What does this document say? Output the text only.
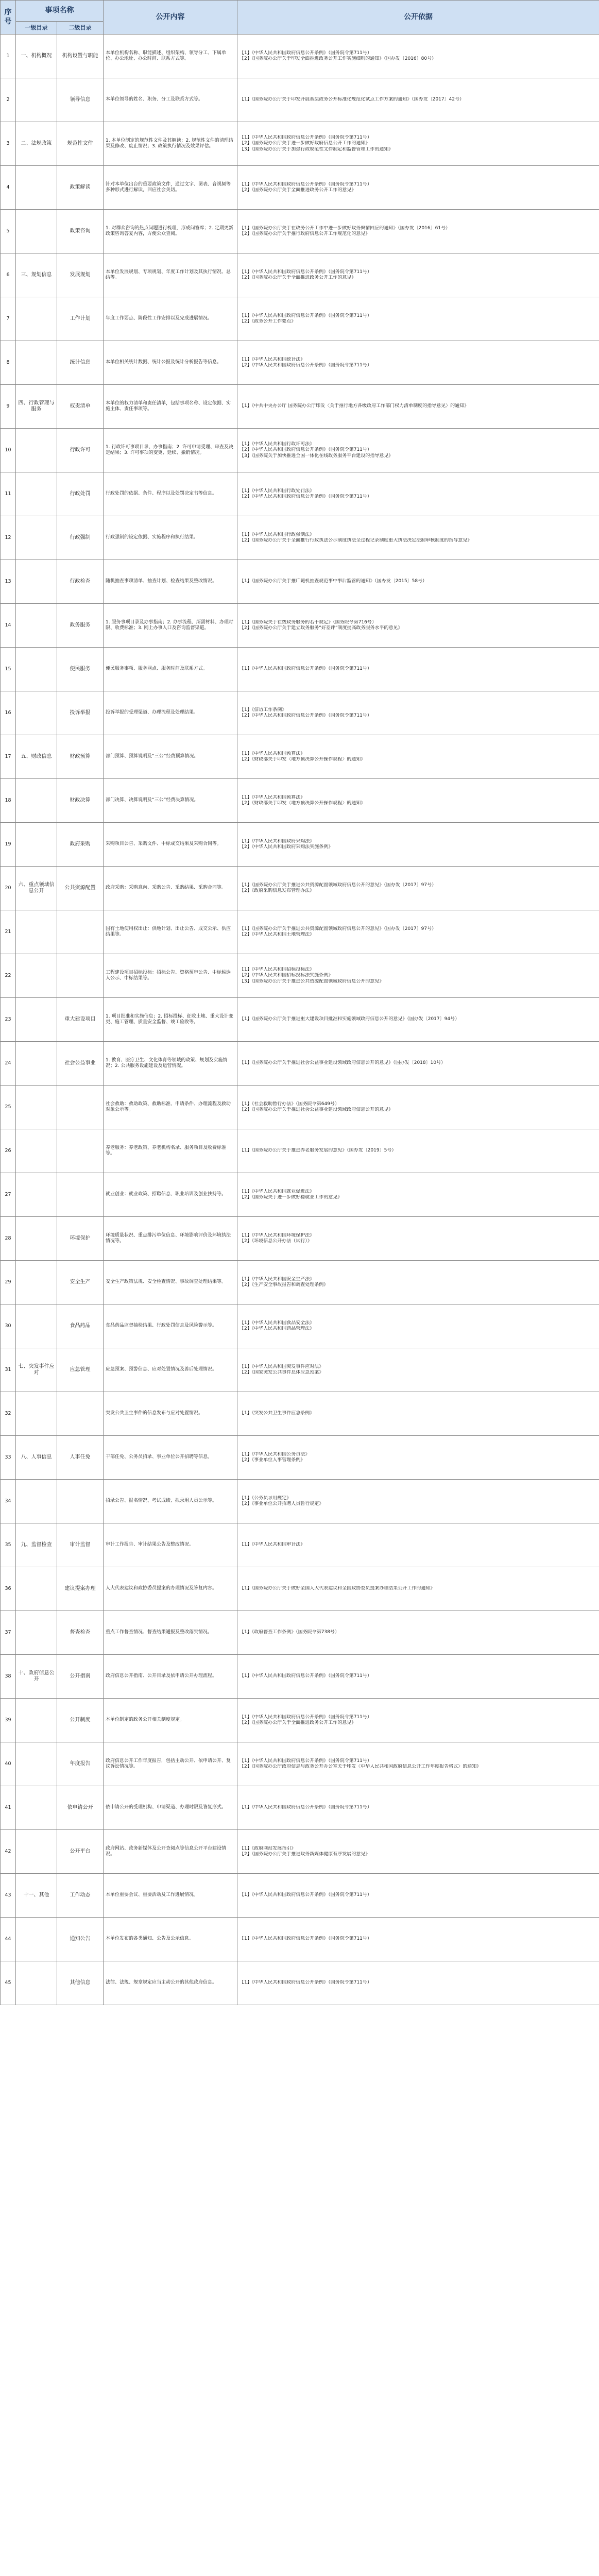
序号	事项名称		公开内容	公开依据
	一级目录	二级目录		
1	一、机构概况	机构设置与职能	本单位机构名称、职能描述、组织架构、领导分工、下属单位、办公地址、办公时间、联系方式等。	【1】《中华人民共和国政府信息公开条例》（国务院令第711号）
【2】《国务院办公厅关于印发全面推进政务公开工作实施细则的通知》（国办发〔2016〕80号）

2		领导信息	本单位领导的姓名、职务、分工及联系方式等。	【1】《国务院办公厅关于印发开展基层政务公开标准化规范化试点工作方案的通知》（国办发〔2017〕42号）

3	二、法规政策	规范性文件	1. 本单位制定的规范性文件及其解读；2. 规范性文件的清理结果及修改、废止情况；3. 政策执行情况及效果评估。	【1】《中华人民共和国政府信息公开条例》（国务院令第711号）
【2】《国务院办公厅关于进一步做好政府信息公开工作的通知》
【3】《国务院办公厅关于加强行政规范性文件制定和监督管理工作的通知》

4		政策解读	针对本单位出台的重要政策文件，通过文字、图表、音视频等多种形式进行解读，回应社会关切。	【1】《中华人民共和国政府信息公开条例》（国务院令第711号）
【2】《国务院办公厅关于全面推进政务公开工作的意见》

5		政策咨询	1. 对群众咨询的热点问题进行梳理，形成问答库；2. 定期更新政策咨询答复内容，方便公众查阅。	【1】《国务院办公厅关于在政务公开工作中进一步做好政务舆情回应的通知》（国办发〔2016〕61号）
【2】《国务院办公厅关于推行政府信息公开工作规范化的意见》

6	三、规划信息	发展规划	本单位发展规划、专项规划、年度工作计划及其执行情况、总结等。	【1】《中华人民共和国政府信息公开条例》（国务院令第711号）
【2】《国务院办公厅关于全面推进政务公开工作的意见》

7		工作计划	年度工作要点、阶段性工作安排以及完成进展情况。	【1】《中华人民共和国政府信息公开条例》（国务院令第711号）
【2】《政务公开工作要点》

8		统计信息	本单位相关统计数据、统计公报及统计分析报告等信息。	【1】《中华人民共和国统计法》
【2】《中华人民共和国政府信息公开条例》（国务院令第711号）

9	四、行政管理与服务	权责清单	本单位的权力清单和责任清单，包括事项名称、设定依据、实施主体、责任事项等。	【1】《中共中央办公厅 国务院办公厅印发〈关于推行地方各级政府工作部门权力清单制度的指导意见〉的通知》

10		行政许可	1. 行政许可事项目录、办事指南；2. 许可申请受理、审查及决定结果；3. 许可事项的变更、延续、撤销情况。	【1】《中华人民共和国行政许可法》
【2】《中华人民共和国政府信息公开条例》（国务院令第711号）
【3】《国务院关于加快推进全国一体化在线政务服务平台建设的指导意见》

11		行政处罚	行政处罚的依据、条件、程序以及处罚决定书等信息。	【1】《中华人民共和国行政处罚法》
【2】《中华人民共和国政府信息公开条例》（国务院令第711号）

12		行政强制	行政强制的设定依据、实施程序和执行结果。	【1】《中华人民共和国行政强制法》
【2】《国务院办公厅关于全面推行行政执法公示制度执法全过程记录制度重大执法决定法制审核制度的指导意见》

13		行政检查	随机抽查事项清单、抽查计划、检查结果及整改情况。	【1】《国务院办公厅关于推广随机抽查规范事中事后监管的通知》（国办发〔2015〕58号）

14		政务服务	1. 服务事项目录及办事指南；2. 办事流程、所需材料、办理时限、收费标准；3. 网上办事入口及咨询监督渠道。	【1】《国务院关于在线政务服务的若干规定》（国务院令第716号）
【2】《国务院办公厅关于建立政务服务“好差评”制度提高政务服务水平的意见》

15		便民服务	便民服务事项、服务网点、服务时间及联系方式。	【1】《中华人民共和国政府信息公开条例》（国务院令第711号）

16		投诉举报	投诉举报的受理渠道、办理流程及处理结果。	【1】《信访工作条例》
【2】《中华人民共和国政府信息公开条例》（国务院令第711号）

17	五、财政信息	财政预算	部门预算、预算说明及“三公”经费预算情况。	【1】《中华人民共和国预算法》
【2】《财政部关于印发〈地方预决算公开操作规程〉的通知》

18		财政决算	部门决算、决算说明及“三公”经费决算情况。	【1】《中华人民共和国预算法》
【2】《财政部关于印发〈地方预决算公开操作规程〉的通知》

19		政府采购	采购项目公告、采购文件、中标成交结果及采购合同等。	【1】《中华人民共和国政府采购法》
【2】《中华人民共和国政府采购法实施条例》

20	六、重点领域信息公开	公共资源配置	政府采购：采购意向、采购公告、采购结果、采购合同等。	【1】《国务院办公厅关于推进公共资源配置领域政府信息公开的意见》（国办发〔2017〕97号）
【2】《政府采购信息发布管理办法》

21			国有土地使用权出让：供地计划、出让公告、成交公示、供应结果等。	【1】《国务院办公厅关于推进公共资源配置领域政府信息公开的意见》（国办发〔2017〕97号）
【2】《中华人民共和国土地管理法》

22			工程建设项目招标投标：招标公告、资格预审公告、中标候选人公示、中标结果等。	【1】《中华人民共和国招标投标法》
【2】《中华人民共和国招标投标法实施条例》
【3】《国务院办公厅关于推进公共资源配置领域政府信息公开的意见》

23		重大建设项目	1. 项目批准和实施信息；2. 招标投标、征收土地、重大设计变更、施工管理、质量安全监督、竣工验收等。	【1】《国务院办公厅关于推进重大建设项目批准和实施领域政府信息公开的意见》（国办发〔2017〕94号）

24		社会公益事业	1. 教育、医疗卫生、文化体育等领域的政策、规划及实施情况；2. 公共服务设施建设及运营情况。	【1】《国务院办公厅关于推进社会公益事业建设领域政府信息公开的意见》（国办发〔2018〕10号）

25			社会救助：救助政策、救助标准、申请条件、办理流程及救助对象公示等。	【1】《社会救助暂行办法》（国务院令第649号）
【2】《国务院办公厅关于推进社会公益事业建设领域政府信息公开的意见》

26			养老服务：养老政策、养老机构名录、服务项目及收费标准等。	【1】《国务院办公厅关于推进养老服务发展的意见》（国办发〔2019〕5号）

27			就业创业：就业政策、招聘信息、职业培训及创业扶持等。	【1】《中华人民共和国就业促进法》
【2】《国务院关于进一步做好稳就业工作的意见》

28		环境保护	环境质量状况、重点排污单位信息、环境影响评价及环境执法情况等。	【1】《中华人民共和国环境保护法》
【2】《环境信息公开办法（试行）》

29		安全生产	安全生产政策法规、安全检查情况、事故调查处理结果等。	【1】《中华人民共和国安全生产法》
【2】《生产安全事故报告和调查处理条例》

30		食品药品	食品药品监督抽检结果、行政处罚信息及风险警示等。	【1】《中华人民共和国食品安全法》
【2】《中华人民共和国药品管理法》

31	七、突发事件应对	应急管理	应急预案、预警信息、应对处置情况及善后处理情况。	【1】《中华人民共和国突发事件应对法》
【2】《国家突发公共事件总体应急预案》

32			突发公共卫生事件的信息发布与应对处置情况。	【1】《突发公共卫生事件应急条例》

33	八、人事信息	人事任免	干部任免、公务员招录、事业单位公开招聘等信息。	【1】《中华人民共和国公务员法》
【2】《事业单位人事管理条例》

34			招录公告、报名情况、考试成绩、拟录用人员公示等。	【1】《公务员录用规定》
【2】《事业单位公开招聘人员暂行规定》

35	九、监督检查	审计监督	审计工作报告、审计结果公告及整改情况。	【1】《中华人民共和国审计法》

36		建议提案办理	人大代表建议和政协委员提案的办理情况及答复内容。	【1】《国务院办公厅关于做好全国人大代表建议和全国政协委员提案办理结果公开工作的通知》

37		督查检查	重点工作督查情况、督查结果通报及整改落实情况。	【1】《政府督查工作条例》（国务院令第738号）

38	十、政府信息公开	公开指南	政府信息公开指南、公开目录及依申请公开办理流程。	【1】《中华人民共和国政府信息公开条例》（国务院令第711号）

39		公开制度	本单位制定的政务公开相关制度规定。	【1】《中华人民共和国政府信息公开条例》（国务院令第711号）
【2】《国务院办公厅关于全面推进政务公开工作的意见》

40		年度报告	政府信息公开工作年度报告，包括主动公开、依申请公开、复议诉讼情况等。	【1】《中华人民共和国政府信息公开条例》（国务院令第711号）
【2】《国务院办公厅政府信息与政务公开办公室关于印发〈中华人民共和国政府信息公开工作年度报告格式〉的通知》

41		依申请公开	依申请公开的受理机构、申请渠道、办理时限及答复形式。	【1】《中华人民共和国政府信息公开条例》（国务院令第711号）

42		公开平台	政府网站、政务新媒体及公开查阅点等信息公开平台建设情况。	【1】《政府网站发展指引》
【2】《国务院办公厅关于推进政务新媒体健康有序发展的意见》

43	十一、其他	工作动态	本单位重要会议、重要活动及工作进展情况。	【1】《中华人民共和国政府信息公开条例》（国务院令第711号）

44		通知公告	本单位发布的各类通知、公告及公示信息。	【1】《中华人民共和国政府信息公开条例》（国务院令第711号）

45		其他信息	法律、法规、规章规定应当主动公开的其他政府信息。	【1】《中华人民共和国政府信息公开条例》（国务院令第711号）
